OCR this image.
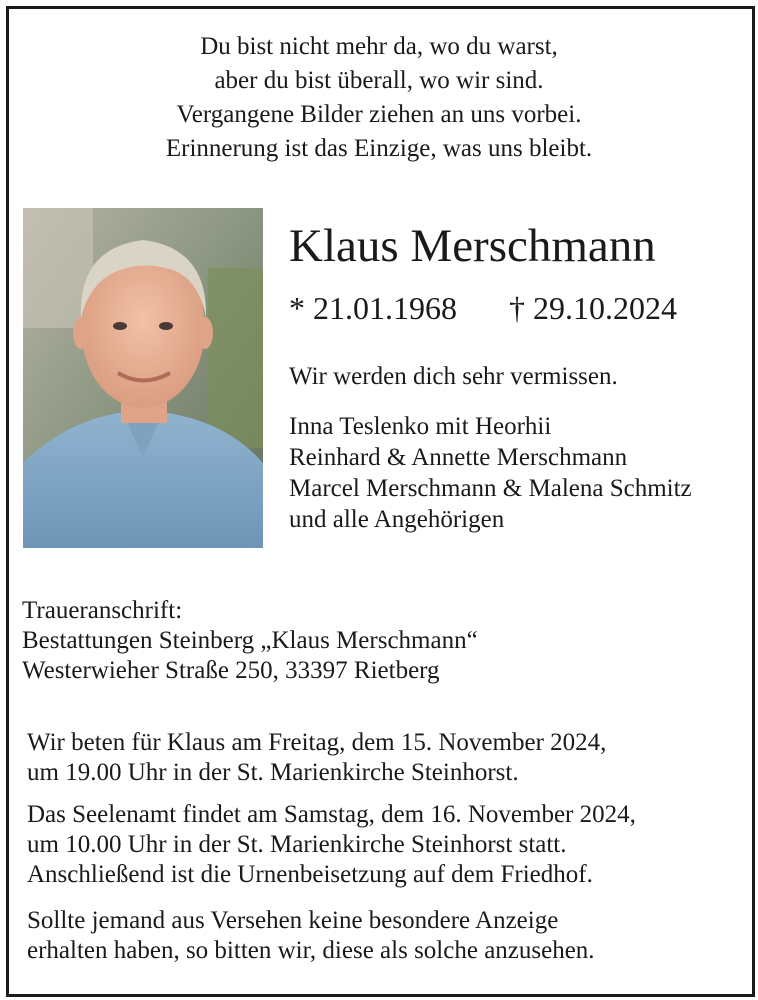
Du bist nicht mehr da, wo du warst,
aber du bist überall, wo wir sind.
Vergangene Bilder ziehen an uns vorbei.
Erinnerung ist das Einzige, was uns bleibt.
Klaus Merschmann
* 21.01.1968 † 29.10.2024
Wir werden dich sehr vermissen.
Inna Teslenko mit Heorhii
Reinhard & Annette Merschmann
Marcel Merschmann & Malena Schmitz
und alle Angehörigen
Traueranschrift:
Bestattungen Steinberg „Klaus Merschmann“
Westerwieher Straße 250, 33397 Rietberg
Wir beten für Klaus am Freitag, dem 15. November 2024,
um 19.00 Uhr in der St. Marienkirche Steinhorst.
Das Seelenamt findet am Samstag, dem 16. November 2024,
um 10.00 Uhr in der St. Marienkirche Steinhorst statt.
Anschließend ist die Urnenbeisetzung auf dem Friedhof.
Sollte jemand aus Versehen keine besondere Anzeige
erhalten haben, so bitten wir, diese als solche anzusehen.
